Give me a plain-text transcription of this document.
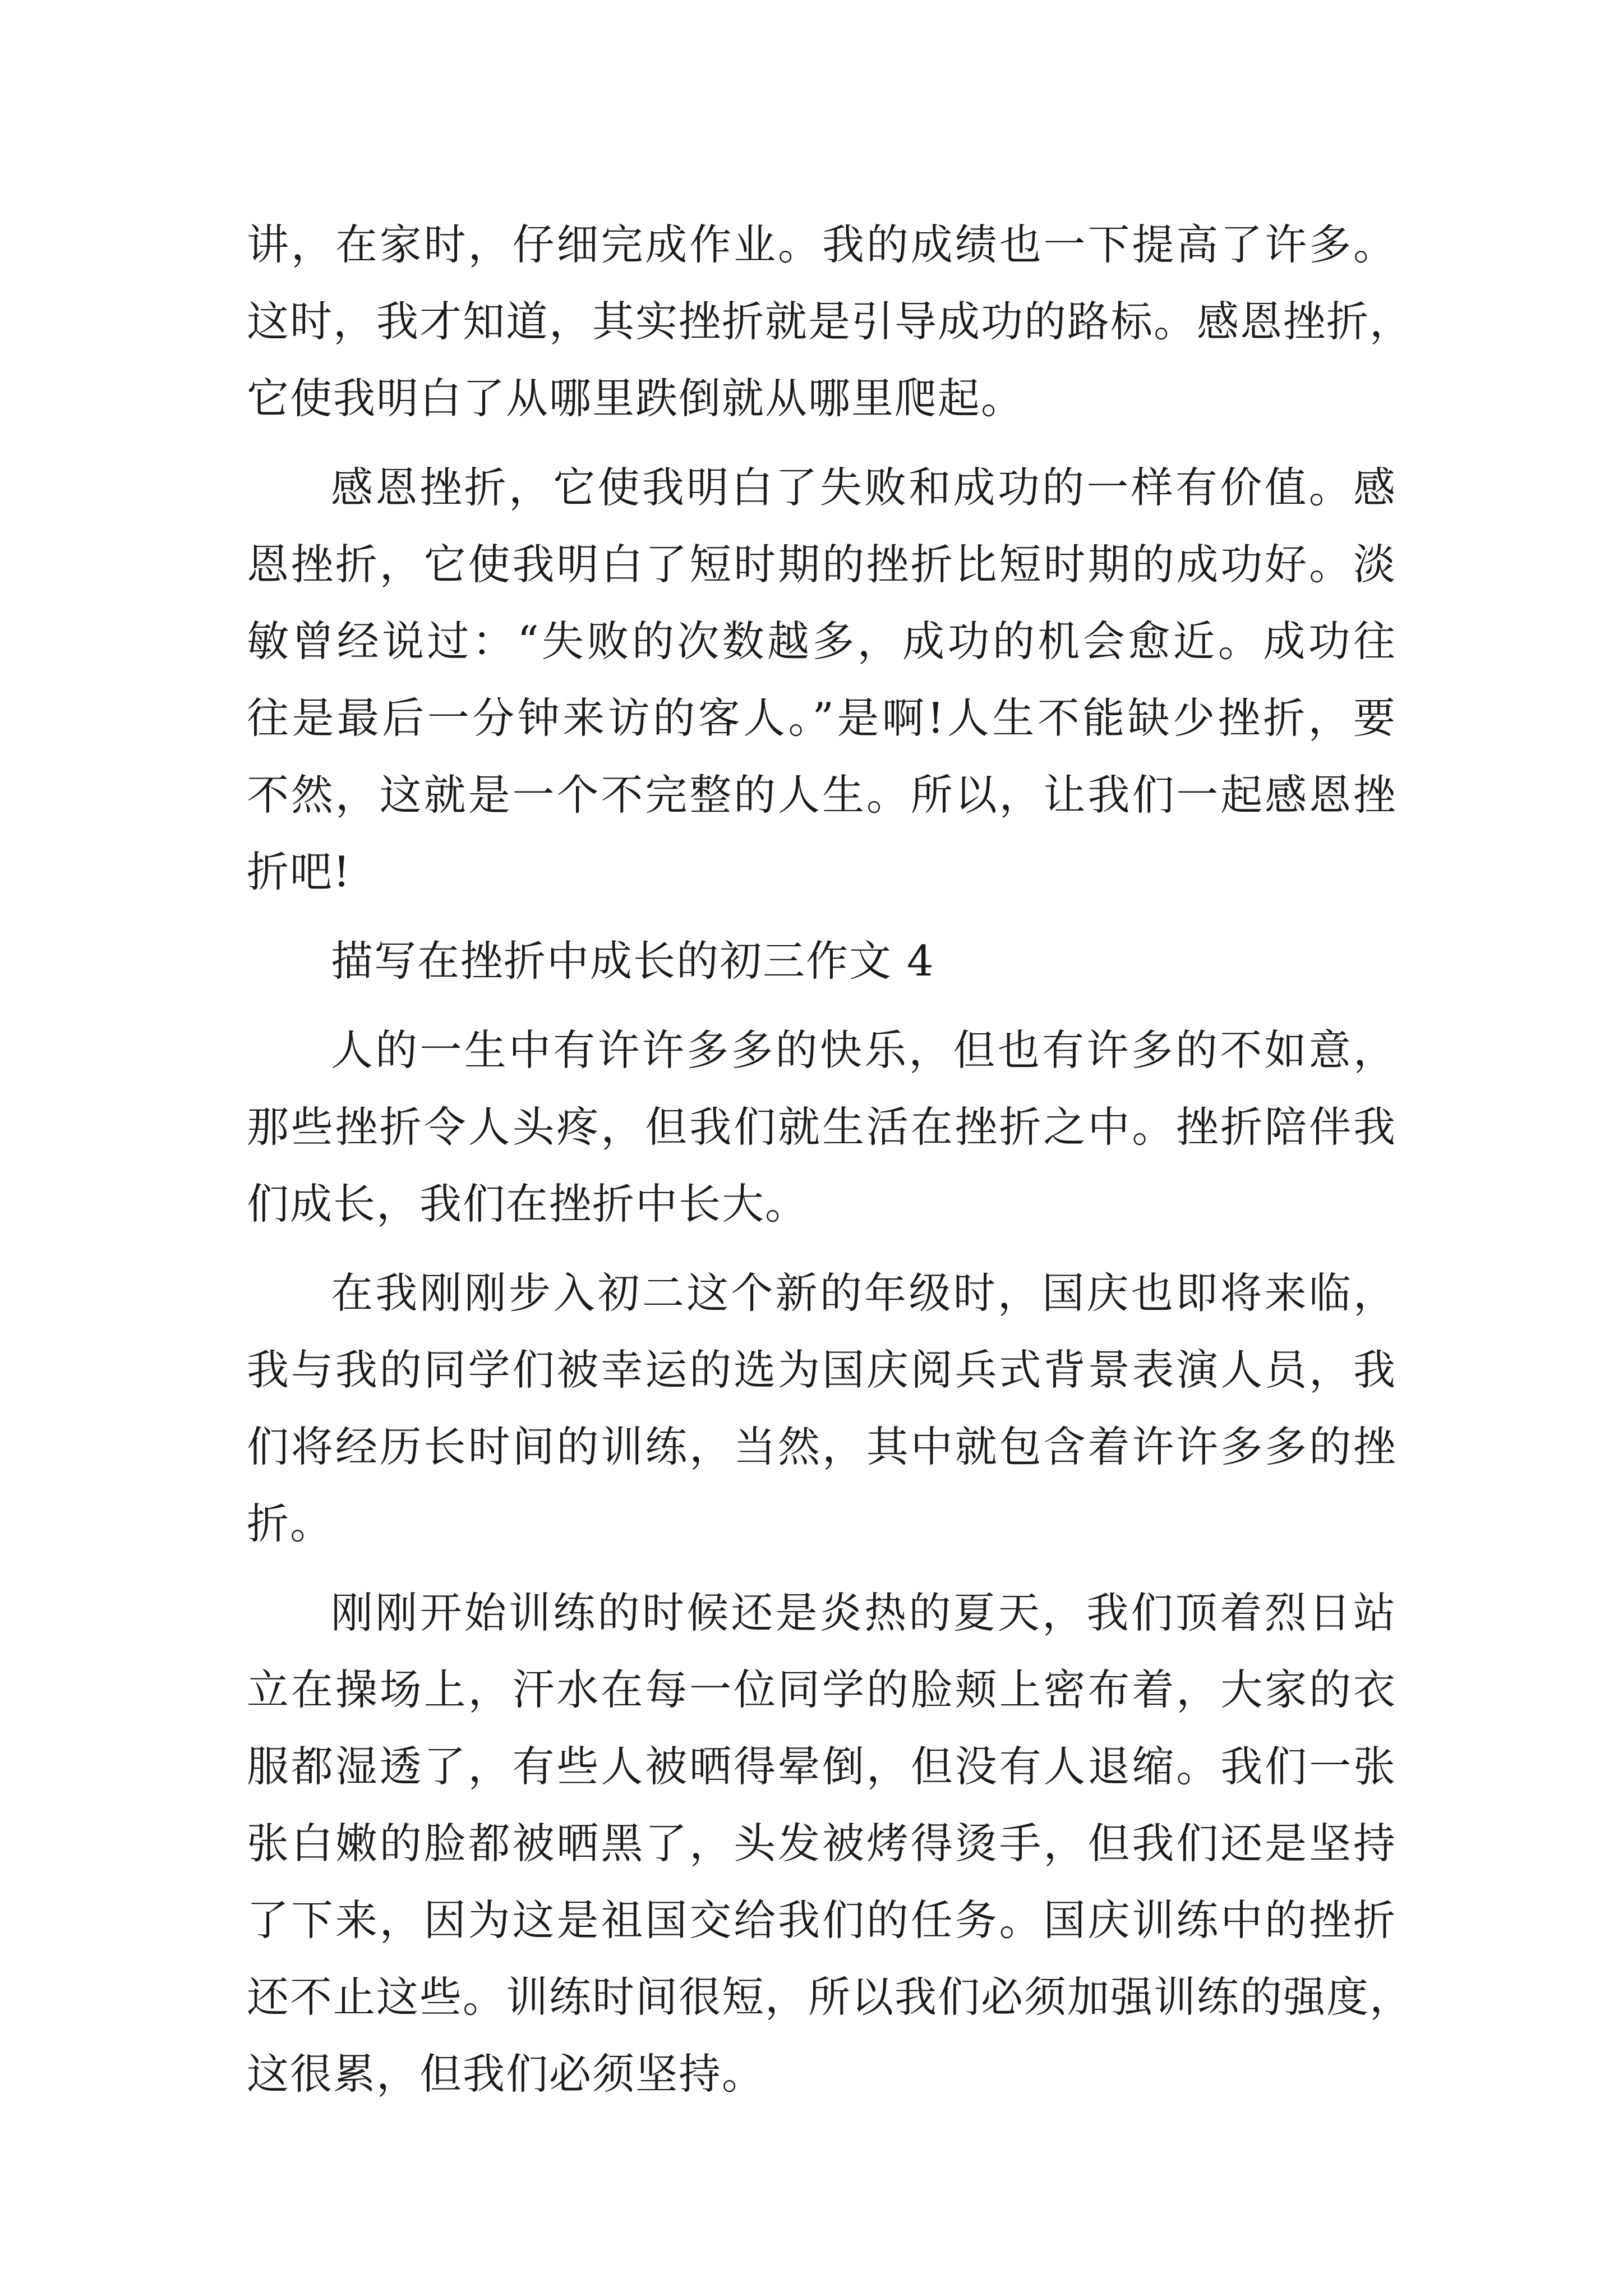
讲，在家时，仔细完成作业。我的成绩也一下提高了许多。
这时，我才知道，其实挫折就是引导成功的路标。感恩挫折，
它使我明白了从哪里跌倒就从哪里爬起。
感恩挫折，它使我明白了失败和成功的一样有价值。感
恩挫折，它使我明白了短时期的挫折比短时期的成功好。淡
敏曾经说过：“失败的次数越多，成功的机会愈近。成功往
往是最后一分钟来访的客人。”是啊!人生不能缺少挫折，要
不然，这就是一个不完整的人生。所以，让我们一起感恩挫
折吧!
描写在挫折中成长的初三作文 4
人的一生中有许许多多的快乐，但也有许多的不如意，
那些挫折令人头疼，但我们就生活在挫折之中。挫折陪伴我
们成长，我们在挫折中长大。
在我刚刚步入初二这个新的年级时，国庆也即将来临，
我与我的同学们被幸运的选为国庆阅兵式背景表演人员，我
们将经历长时间的训练，当然，其中就包含着许许多多的挫
折。
刚刚开始训练的时候还是炎热的夏天，我们顶着烈日站
立在操场上，汗水在每一位同学的脸颊上密布着，大家的衣
服都湿透了，有些人被晒得晕倒，但没有人退缩。我们一张
张白嫩的脸都被晒黑了，头发被烤得烫手，但我们还是坚持
了下来，因为这是祖国交给我们的任务。国庆训练中的挫折
还不止这些。训练时间很短，所以我们必须加强训练的强度，
这很累，但我们必须坚持。
